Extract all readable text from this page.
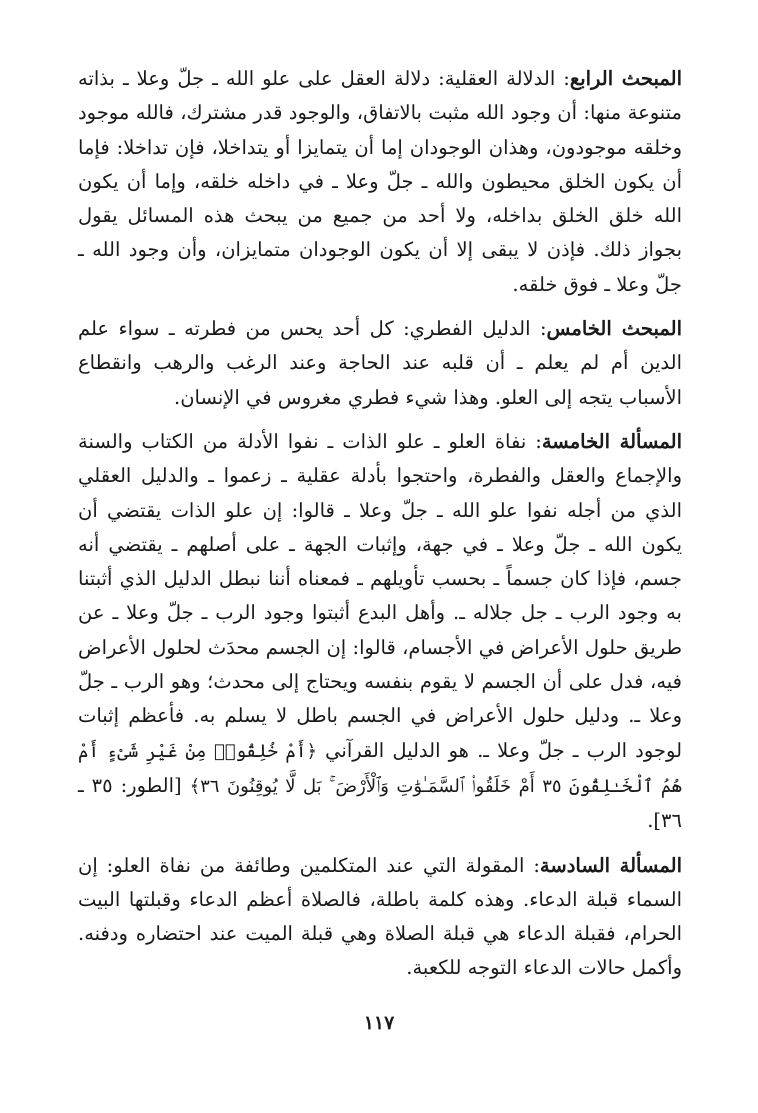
المبحث الرابع: الدلالة العقلية: دلالة العقل على علو الله ـ جلّ وعلا ـ بذاته متنوعة منها: أن وجود الله مثبت بالاتفاق، والوجود قدر مشترك، فالله موجود وخلقه موجودون، وهذان الوجودان إما أن يتمايزا أو يتداخلا، فإن تداخلا: فإما أن يكون الخلق محيطون والله ـ جلّ وعلا ـ في داخله خلقه، وإما أن يكون الله خلق الخلق بداخله، ولا أحد من جميع من يبحث هذه المسائل يقول بجواز ذلك. فإذن لا يبقى إلا أن يكون الوجودان متمايزان، وأن وجود الله ـ جلّ وعلا ـ فوق خلقه.

المبحث الخامس: الدليل الفطري: كل أحد يحس من فطرته ـ سواء علم الدين أم لم يعلم ـ أن قلبه عند الحاجة وعند الرغب والرهب وانقطاع الأسباب يتجه إلى العلو. وهذا شيء فطري مغروس في الإنسان.

المسألة الخامسة: نفاة العلو ـ علو الذات ـ نفوا الأدلة من الكتاب والسنة والإجماع والعقل والفطرة، واحتجوا بأدلة عقلية ـ زعموا ـ والدليل العقلي الذي من أجله نفوا علو الله ـ جلّ وعلا ـ قالوا: إن علو الذات يقتضي أن يكون الله ـ جلّ وعلا ـ في جهة، وإثبات الجهة ـ على أصلهم ـ يقتضي أنه جسم، فإذا كان جسماً ـ بحسب تأويلهم ـ فمعناه أننا نبطل الدليل الذي أثبتنا به وجود الرب ـ جل جلاله ـ. وأهل البدع أثبتوا وجود الرب ـ جلّ وعلا ـ عن طريق حلول الأعراض في الأجسام، قالوا: إن الجسم محدَث لحلول الأعراض فيه، فدل على أن الجسم لا يقوم بنفسه ويحتاج إلى محدث؛ وهو الرب ـ جلّ وعلا ـ. ودليل حلول الأعراض في الجسم باطل لا يسلم به. فأعظم إثبات لوجود الرب ـ جلّ وعلا ـ. هو الدليل القرآني ﴿أَمْ خُلِقُوا۟ مِنْ غَيْرِ شَىْءٍ أَمْ هُمُ ٱلْخَـٰلِقُونَ ٣٥ أَمْ خَلَقُوا۟ ٱلسَّمَـٰوَٰتِ وَٱلْأَرْضَ ۚ بَل لَّا يُوقِنُونَ ٣٦﴾ [الطور: ٣٥ ـ ٣٦].

المسألة السادسة: المقولة التي عند المتكلمين وطائفة من نفاة العلو: إن السماء قبلة الدعاء. وهذه كلمة باطلة، فالصلاة أعظم الدعاء وقبلتها البيت الحرام، فقبلة الدعاء هي قبلة الصلاة وهي قبلة الميت عند احتضاره ودفنه. وأكمل حالات الدعاء التوجه للكعبة.

١١٧
